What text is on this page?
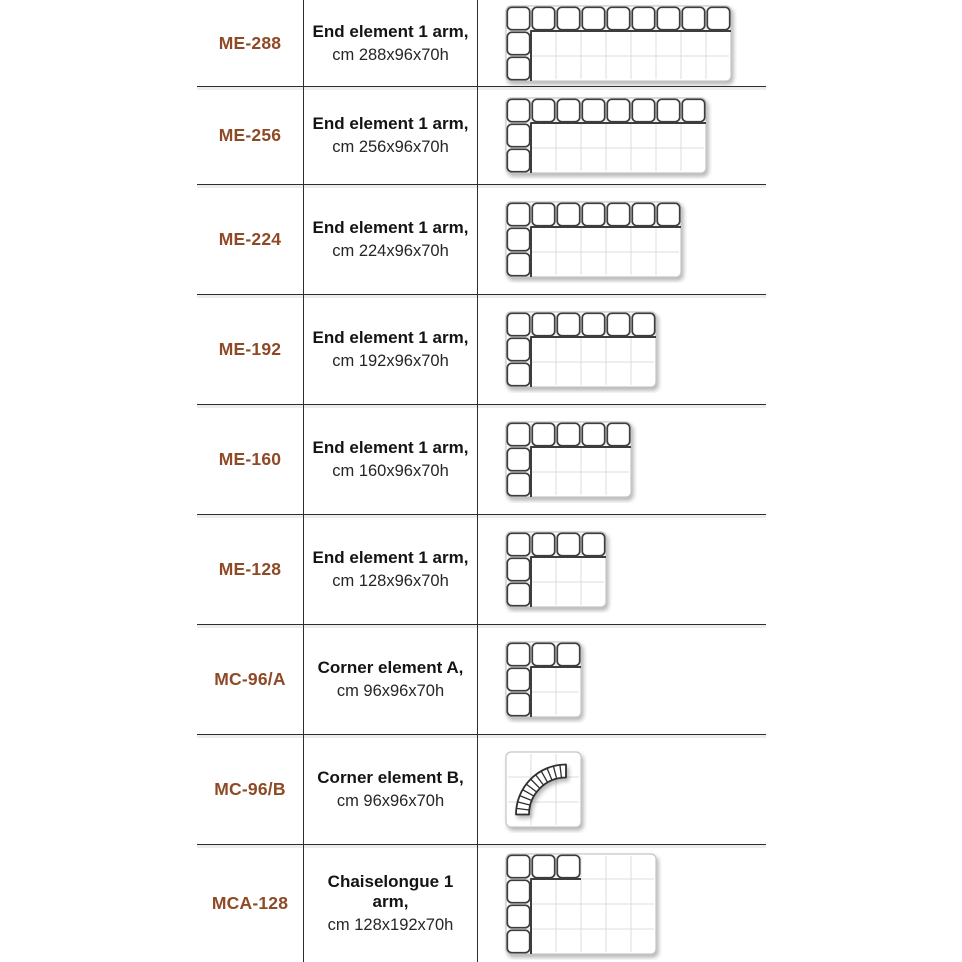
ME-288
End element 1 arm,
cm 288x96x70h
ME-256
End element 1 arm,
cm 256x96x70h
ME-224
End element 1 arm,
cm 224x96x70h
ME-192
End element 1 arm,
cm 192x96x70h
ME-160
End element 1 arm,
cm 160x96x70h
ME-128
End element 1 arm,
cm 128x96x70h
MC-96/A
Corner element A,
cm 96x96x70h
MC-96/B
Corner element B,
cm 96x96x70h
MCA-128
Chaiselongue 1 arm,
cm 128x192x70h
